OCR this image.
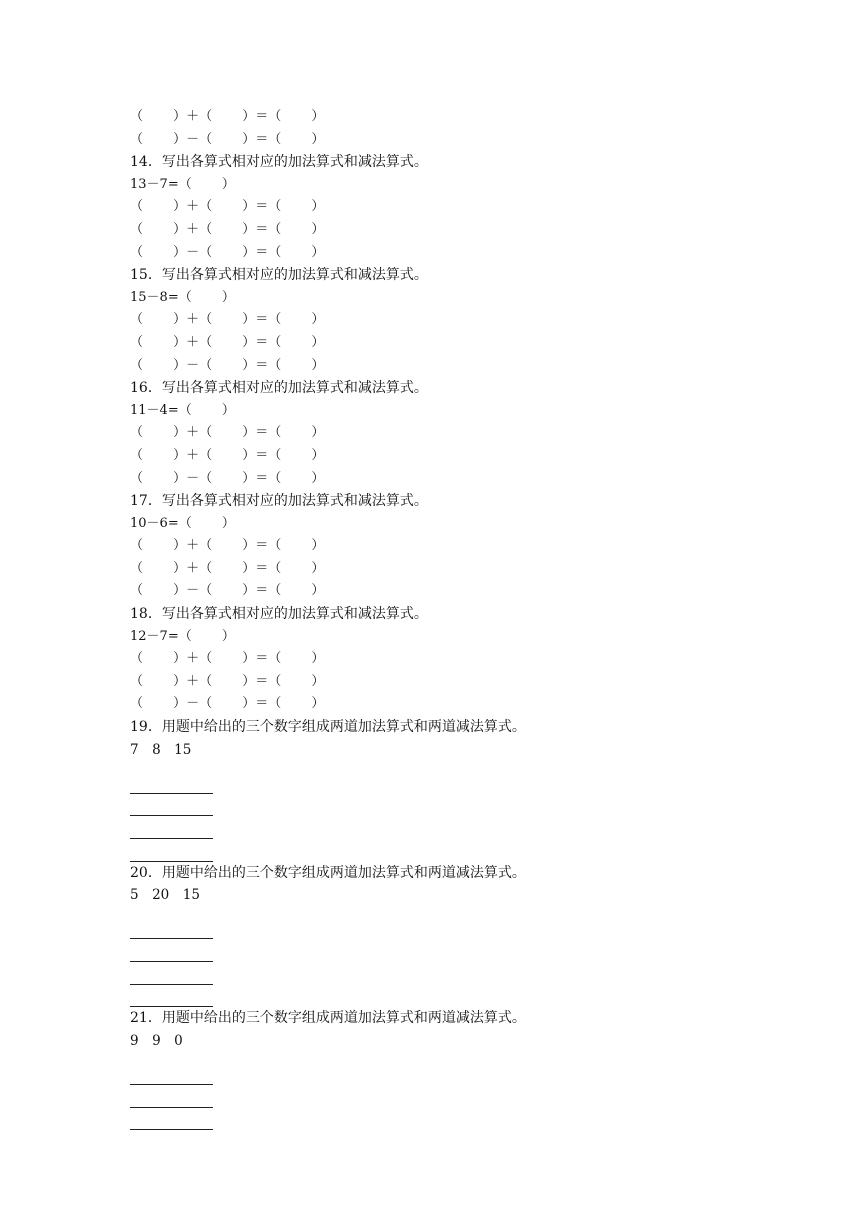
（　　 ）＋（　　 ）＝（　　 ）
（　　 ）－（　　 ）＝（　　 ）
14．写出各算式相对应的加法算式和减法算式。
13－7=（　　 ）
（　　 ）＋（　　 ）＝（　　 ）
（　　 ）＋（　　 ）＝（　　 ）
（　　 ）－（　　 ）＝（　　 ）
15．写出各算式相对应的加法算式和减法算式。
15－8=（　　 ）
（　　 ）＋（　　 ）＝（　　 ）
（　　 ）＋（　　 ）＝（　　 ）
（　　 ）－（　　 ）＝（　　 ）
16．写出各算式相对应的加法算式和减法算式。
11－4=（　　 ）
（　　 ）＋（　　 ）＝（　　 ）
（　　 ）＋（　　 ）＝（　　 ）
（　　 ）－（　　 ）＝（　　 ）
17．写出各算式相对应的加法算式和减法算式。
10－6=（　　 ）
（　　 ）＋（　　 ）＝（　　 ）
（　　 ）＋（　　 ）＝（　　 ）
（　　 ）－（　　 ）＝（　　 ）
18．写出各算式相对应的加法算式和减法算式。
12－7=（　　 ）
（　　 ）＋（　　 ）＝（　　 ）
（　　 ）＋（　　 ）＝（　　 ）
（　　 ）－（　　 ）＝（　　 ）
19．用题中给出的三个数字组成两道加法算式和两道减法算式。
7　8　15
20．用题中给出的三个数字组成两道加法算式和两道减法算式。
5　20　15
21．用题中给出的三个数字组成两道加法算式和两道减法算式。
9　9　0
